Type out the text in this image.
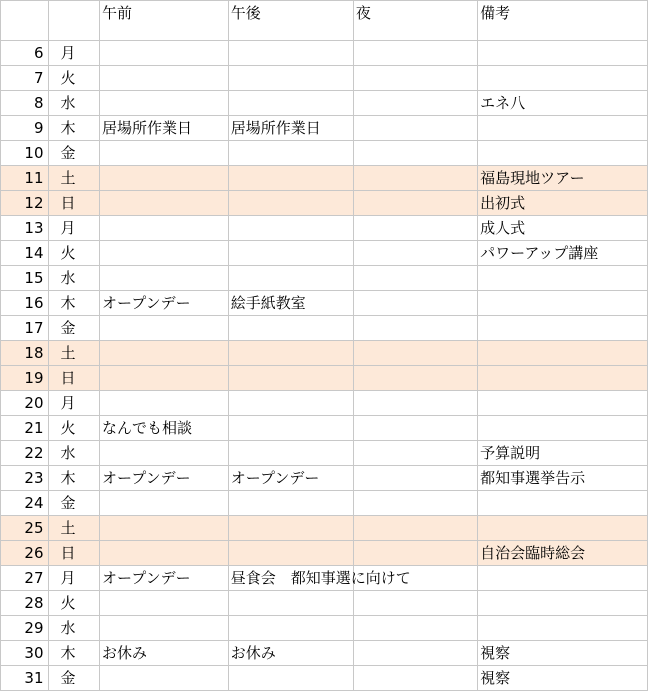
		午前	午後	夜	備考
6	月		

7	火		

8	水				エネ八
9	木	居場所作業日	居場所作業日		

10	金		

11	土				福島現地ツアー
12	日				出初式
13	月				成人式
14	火				パワーアップ講座
15	水		

16	木	オープンデー	絵手紙教室		

17	金		

18	土		

19	日		

20	月		

21	火	なんでも相談	

22	水				予算説明
23	木	オープンデー	オープンデー		都知事選挙告示
24	金		

25	土		

26	日				自治会臨時総会
27	月	オープンデー	昼食会　都知事選に向けて		

28	火		

29	水		

30	木	お休み	お休み		視察
31	金				視察
